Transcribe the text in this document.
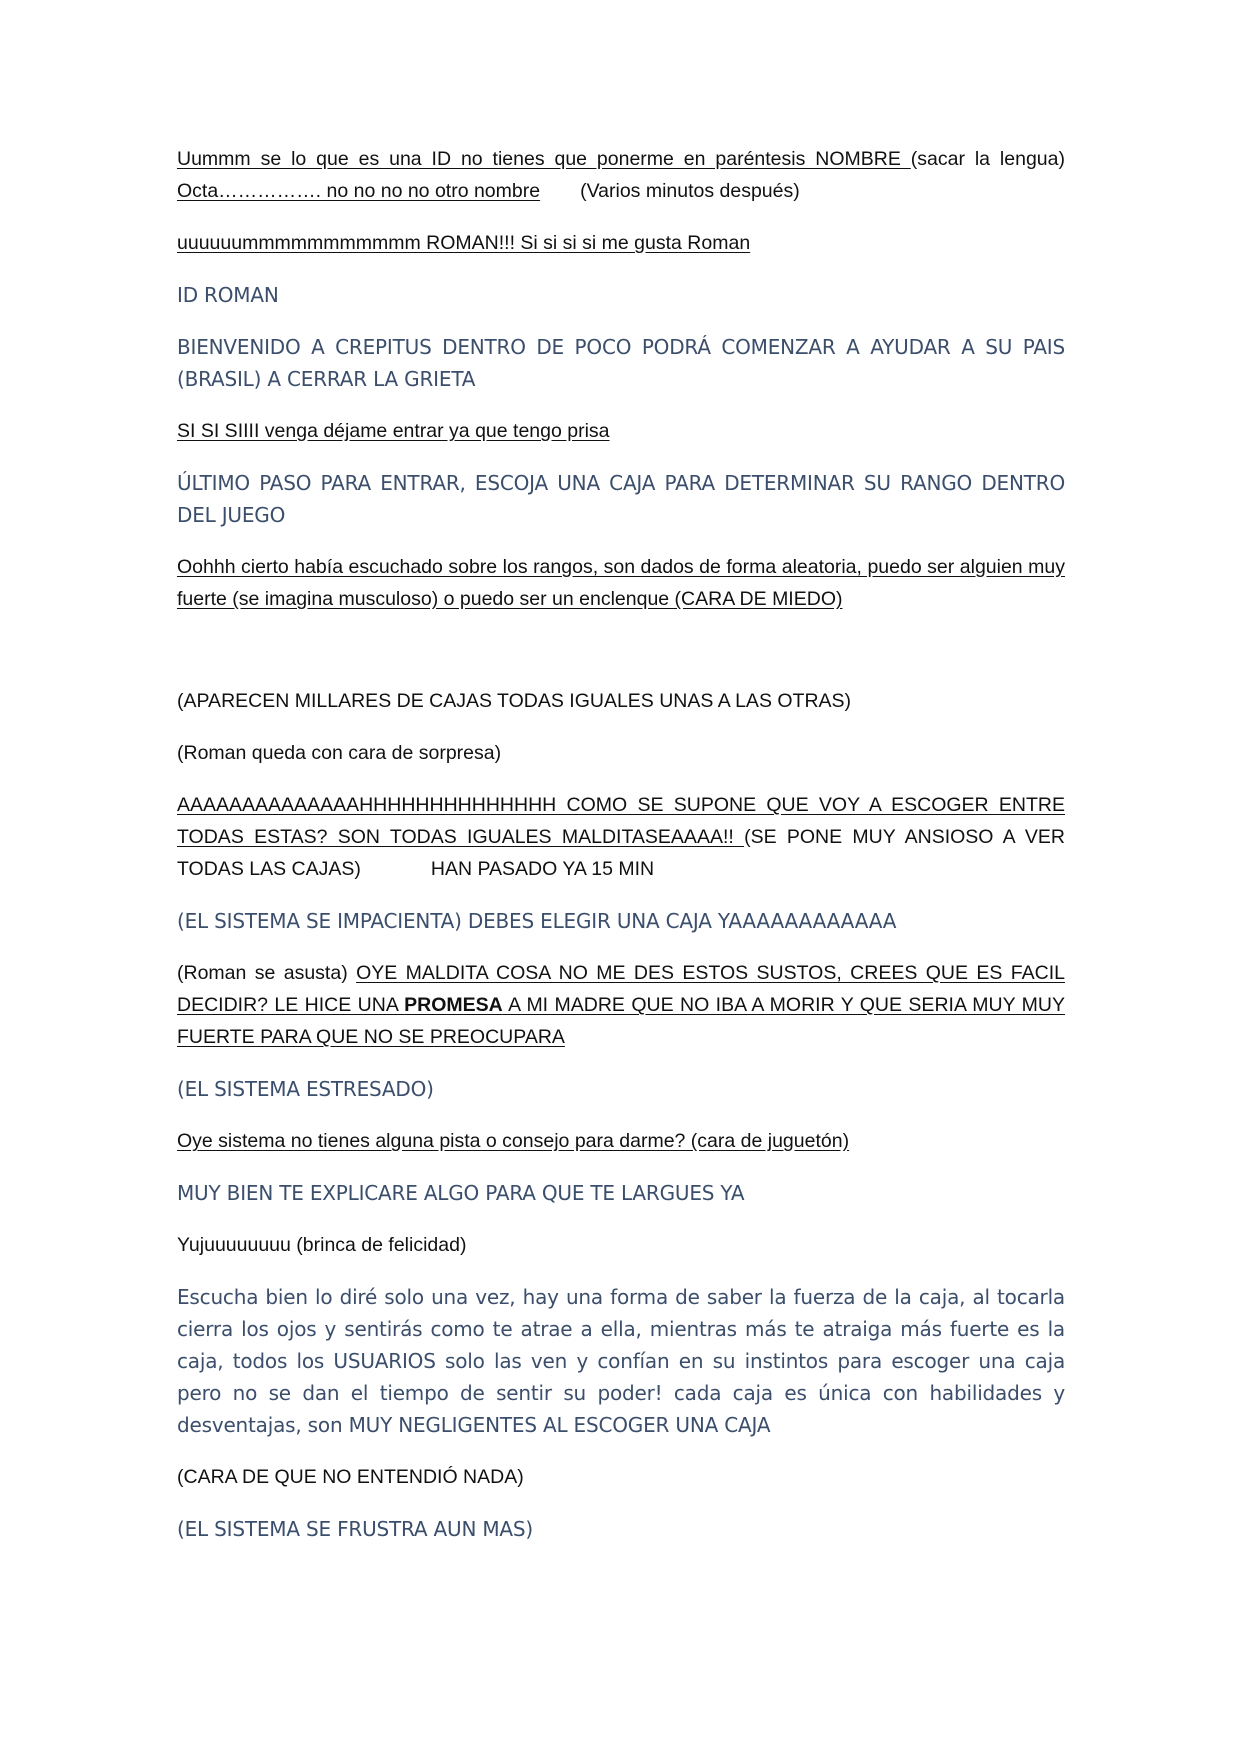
Uummm se lo que es una ID no tienes que ponerme en paréntesis NOMBRE (sacar la lengua) Octa……………. no no no no otro nombre (Varios minutos después)

uuuuuummmmmmmmmmm ROMAN!!! Si si si si me gusta Roman

ID ROMAN

BIENVENIDO A CREPITUS DENTRO DE POCO PODRÁ COMENZAR A AYUDAR A SU PAIS (BRASIL) A CERRAR LA GRIETA

SI SI SIIII venga déjame entrar ya que tengo prisa

ÚLTIMO PASO PARA ENTRAR, ESCOJA UNA CAJA PARA DETERMINAR SU RANGO DENTRO DEL JUEGO

Oohhh cierto había escuchado sobre los rangos, son dados de forma aleatoria, puedo ser alguien muy fuerte (se imagina musculoso) o puedo ser un enclenque (CARA DE MIEDO)

(APARECEN MILLARES DE CAJAS TODAS IGUALES UNAS A LAS OTRAS)

(Roman queda con cara de sorpresa)

AAAAAAAAAAAAAAHHHHHHHHHHHHHH COMO SE SUPONE QUE VOY A ESCOGER ENTRE TODAS ESTAS? SON TODAS IGUALES MALDITASEAAAA!! (SE PONE MUY ANSIOSO A VER TODAS LAS CAJAS)	HAN PASADO YA 15 MIN

(EL SISTEMA SE IMPACIENTA) DEBES ELEGIR UNA CAJA YAAAAAAAAAAAA

(Roman se asusta) OYE MALDITA COSA NO ME DES ESTOS SUSTOS, CREES QUE ES FACIL DECIDIR? LE HICE UNA PROMESA A MI MADRE QUE NO IBA A MORIR Y QUE SERIA MUY MUY FUERTE PARA QUE NO SE PREOCUPARA

(EL SISTEMA ESTRESADO)

Oye sistema no tienes alguna pista o consejo para darme? (cara de juguetón)

MUY BIEN TE EXPLICARE ALGO PARA QUE TE LARGUES YA

Yujuuuuuuuu (brinca de felicidad)

Escucha bien lo diré solo una vez, hay una forma de saber la fuerza de la caja, al tocarla cierra los ojos y sentirás como te atrae a ella, mientras más te atraiga más fuerte es la caja, todos los USUARIOS solo las ven y confían en su instintos para escoger una caja pero no se dan el tiempo de sentir su poder! cada caja es única con habilidades y desventajas, son MUY NEGLIGENTES AL ESCOGER UNA CAJA

(CARA DE QUE NO ENTENDIÓ NADA)

(EL SISTEMA SE FRUSTRA AUN MAS)
